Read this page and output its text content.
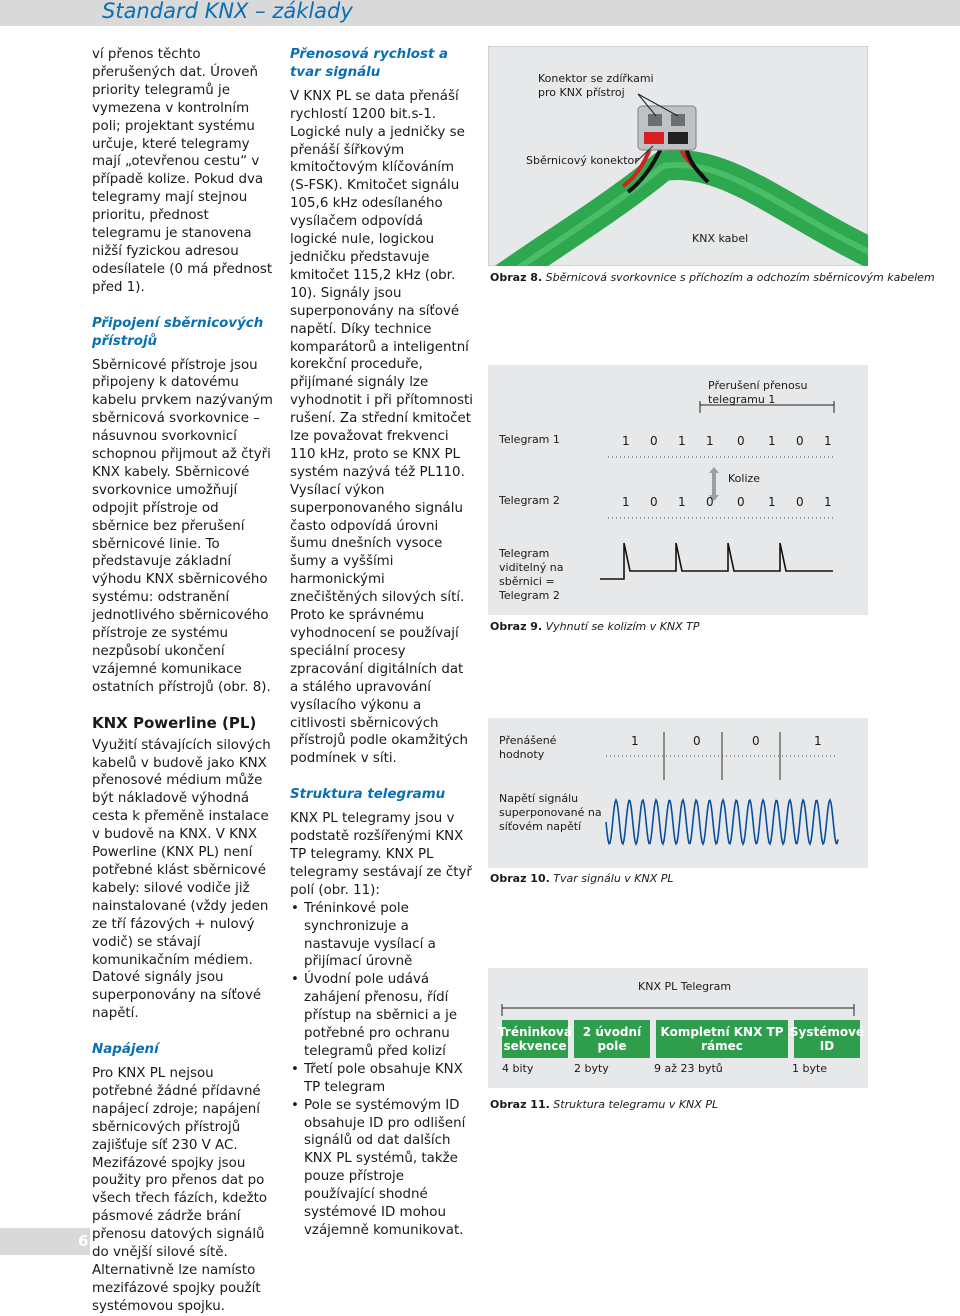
Standard KNX – základy

ví přenos těchto přerušených dat. Úroveň priority telegramů je vymezena v kontrolním poli; projektant systému určuje, které telegramy mají „otevřenou cestu“ v případě kolize. Pokud dva telegramy mají stejnou prioritu, přednost telegramu je stanovena nižší fyzickou adresou odesílatele (0 má přednost před 1).

Připojení sběrnicových přístrojů

Sběrnicové přístroje jsou připojeny k datovému kabelu prvkem nazývaným sběrnicová svorkovnice – násuvnou svorkovnicí schopnou přijmout až čtyři KNX kabely. Sběrnicové svorkovnice umožňují odpojit přístroje od sběrnice bez přerušení sběrnicové linie. To představuje základní výhodu KNX sběrnicového systému: odstranění jednotlivého sběrnicového přístroje ze systému nezpůsobí ukončení vzájemné komunikace ostatních přístrojů (obr. 8).

KNX Powerline (PL)

Využití stávajících silových kabelů v budově jako KNX přenosové médium může být nákladově výhodná cesta k přeměně instalace v budově na KNX. V KNX Powerline (KNX PL) není potřebné klást sběrnicové kabely: silové vodiče již nainstalované (vždy jeden ze tří fázových + nulový vodič) se stávají komunikačním médiem. Datové signály jsou superponovány na síťové napětí.

Napájení

Pro KNX PL nejsou potřebné žádné přídavné napájecí zdroje; napájení sběrnicových přístrojů zajišťuje síť 230 V AC. Mezifázové spojky jsou použity pro přenos dat po všech třech fázích, kdežto pásmové zádrže brání přenosu datových signálů do vnější silové sítě. Alternativně lze namísto mezifázové spojky použít systémovou spojku.

Přenosová rychlost a tvar signálu

V KNX PL se data přenáší rychlostí 1200 bit.s-1. Logické nuly a jedničky se přenáší šířkovým kmitočtovým klíčováním (S-FSK). Kmitočet signálu 105,6 kHz odesílaného vysílačem odpovídá logické nule, logickou jedničku představuje kmitočet 115,2 kHz (obr. 10). Signály jsou superponovány na síťové napětí. Díky technice komparátorů a inteligentní korekční proceduře, přijímané signály lze vyhodnotit i při přítomnosti rušení. Za střední kmitočet lze považovat frekvenci 110 kHz, proto se KNX PL systém nazývá též PL110. Vysílací výkon superponovaného signálu často odpovídá úrovni šumu dnešních vysoce šumy a vyššími harmonickými znečištěných silových sítí. Proto ke správnému vyhodnocení se používají speciální procesy zpracování digitálních dat a stálého upravování vysílacího výkonu a citlivosti sběrnicových přístrojů podle okamžitých podmínek v síti.

Struktura telegramu

KNX PL telegramy jsou v podstatě rozšířenými KNX TP telegramy. KNX PL telegramy sestávají ze čtyř polí (obr. 11):

• Tréninkové pole synchronizuje a nastavuje vysílací a přijímací úrovně
• Úvodní pole udává zahájení přenosu, řídí přístup na sběrnici a je potřebné pro ochranu telegramů před kolizí
• Třetí pole obsahuje KNX TP telegram
• Pole se systémovým ID obsahuje ID pro odlišení signálů od dat dalších KNX PL systémů, takže pouze přístroje používající shodné systémové ID mohou vzájemně komunikovat.
Konektor se zdířkami pro KNX přístroj
Sběrnicový konektor
KNX kabel
Obraz 8. Sběrnicová svorkovnice s příchozím a odchozím sběrnicovým kabelem
Přerušení přenosu telegramu 1
Telegram 1
Kolize
Telegram 2
Telegram viditelný na sběrnici = Telegram 2
1 0 1 1 0 1 0 1
1 0 1 0 0 1 0 1
Obraz 9. Vyhnutí se kolizím v KNX TP
Přenášené hodnoty
Napětí signálu superponované na síťovém napětí
1	0	0	1
Obraz 10. Tvar signálu v KNX PL
KNX PL Telegram
4 bity	2 byty	9 až 23 bytů	1 byte
Tréninková sekvence
2 úvodní pole
Kompletní KNX TP rámec
Systémové ID
Obraz 11. Struktura telegramu v KNX PL
6
